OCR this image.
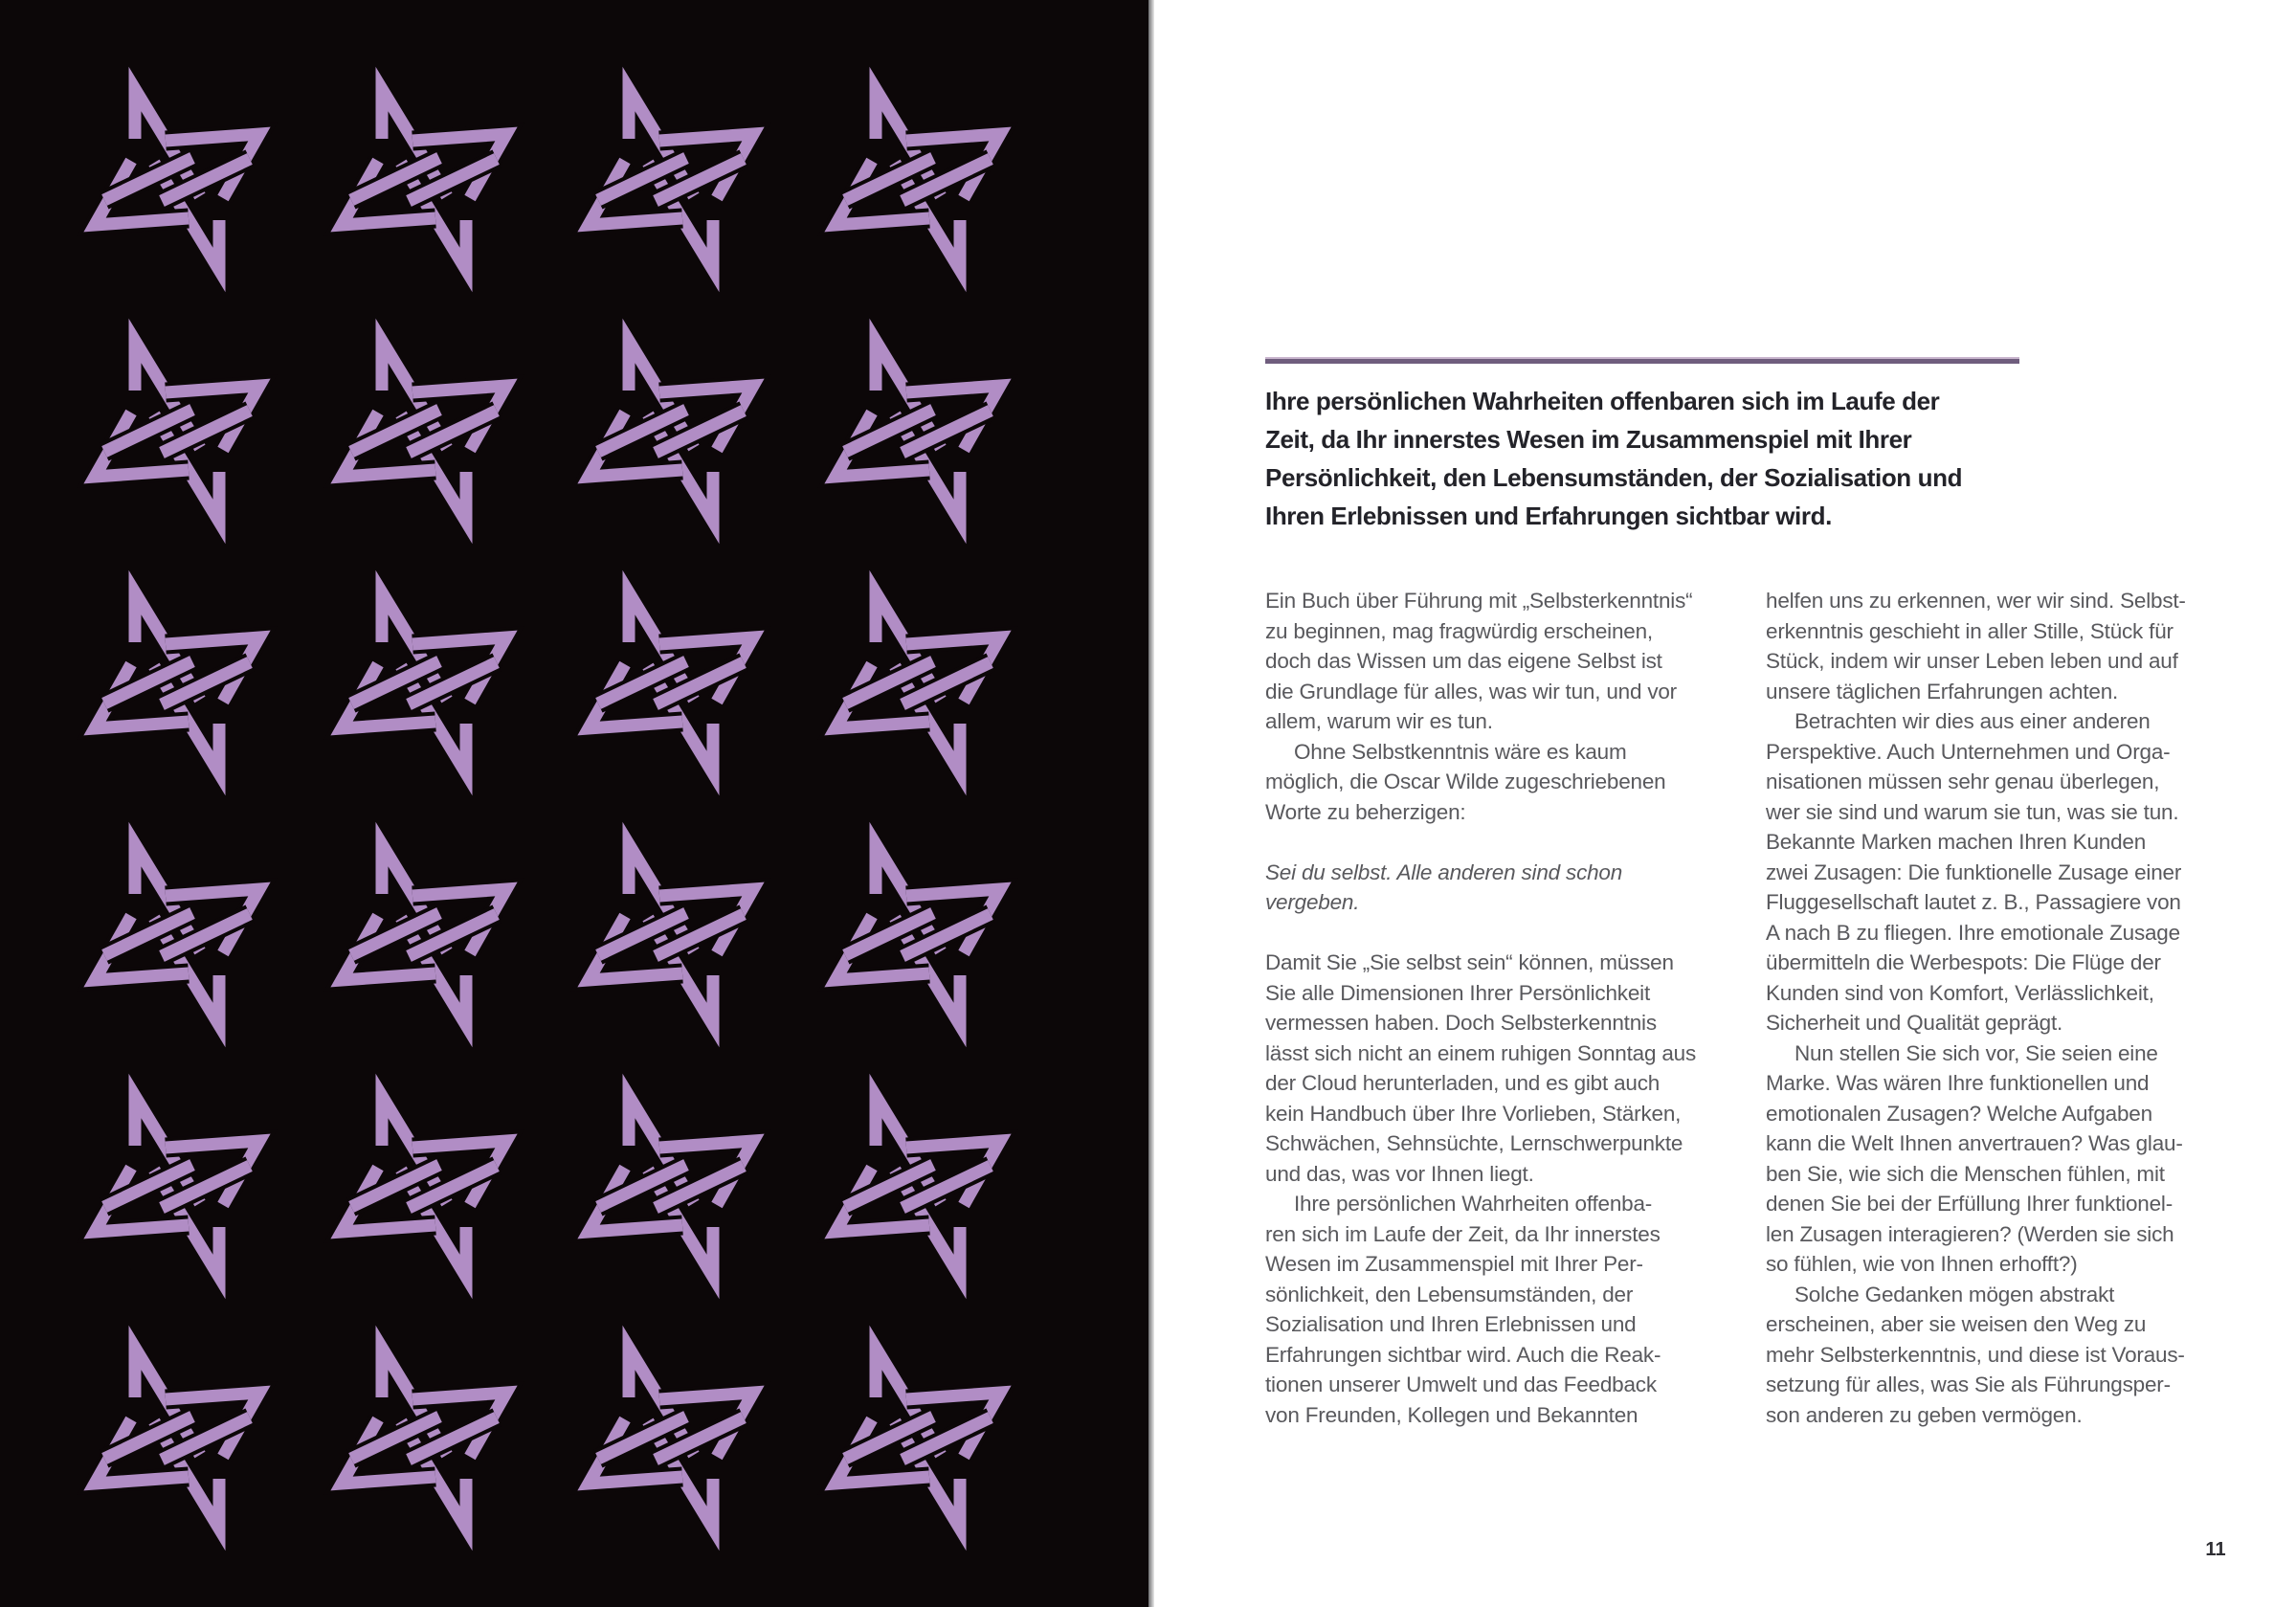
Ihre persönlichen Wahrheiten offenbaren sich im Laufe der
Zeit, da Ihr innerstes Wesen im Zusammenspiel mit Ihrer
Persönlichkeit, den Lebensumständen, der Sozialisation und
Ihren Erlebnissen und Erfahrungen sichtbar wird.
Ein Buch über Führung mit „Selbsterkenntnis“
zu beginnen, mag fragwürdig erscheinen,
doch das Wissen um das eigene Selbst ist
die Grundlage für alles, was wir tun, und vor
allem, warum wir es tun.
Ohne Selbstkenntnis wäre es kaum
möglich, die Oscar Wilde zugeschriebenen
Worte zu beherzigen:
Sei du selbst. Alle anderen sind schon
vergeben.
Damit Sie „Sie selbst sein“ können, müssen
Sie alle Dimensionen Ihrer Persönlichkeit
vermessen haben. Doch Selbsterkenntnis
lässt sich nicht an einem ruhigen Sonntag aus
der Cloud herunterladen, und es gibt auch
kein Handbuch über Ihre Vorlieben, Stärken,
Schwächen, Sehnsüchte, Lernschwerpunkte
und das, was vor Ihnen liegt.
Ihre persönlichen Wahrheiten offenba-
ren sich im Laufe der Zeit, da Ihr innerstes
Wesen im Zusammenspiel mit Ihrer Per-
sönlichkeit, den Lebensumständen, der
Sozialisation und Ihren Erlebnissen und
Erfahrungen sichtbar wird. Auch die Reak-
tionen unserer Umwelt und das Feedback
von Freunden, Kollegen und Bekannten
helfen uns zu erkennen, wer wir sind. Selbst-
erkenntnis geschieht in aller Stille, Stück für
Stück, indem wir unser Leben leben und auf
unsere täglichen Erfahrungen achten.
Betrachten wir dies aus einer anderen
Perspektive. Auch Unternehmen und Orga-
nisationen müssen sehr genau überlegen,
wer sie sind und warum sie tun, was sie tun.
Bekannte Marken machen Ihren Kunden
zwei Zusagen: Die funktionelle Zusage einer
Fluggesellschaft lautet z. B., Passagiere von
A nach B zu fliegen. Ihre emotionale Zusage
übermitteln die Werbespots: Die Flüge der
Kunden sind von Komfort, Verlässlichkeit,
Sicherheit und Qualität geprägt.
Nun stellen Sie sich vor, Sie seien eine
Marke. Was wären Ihre funktionellen und
emotionalen Zusagen? Welche Aufgaben
kann die Welt Ihnen anvertrauen? Was glau-
ben Sie, wie sich die Menschen fühlen, mit
denen Sie bei der Erfüllung Ihrer funktionel-
len Zusagen interagieren? (Werden sie sich
so fühlen, wie von Ihnen erhofft?)
Solche Gedanken mögen abstrakt
erscheinen, aber sie weisen den Weg zu
mehr Selbsterkenntnis, und diese ist Voraus-
setzung für alles, was Sie als Führungsper-
son anderen zu geben vermögen.
11
